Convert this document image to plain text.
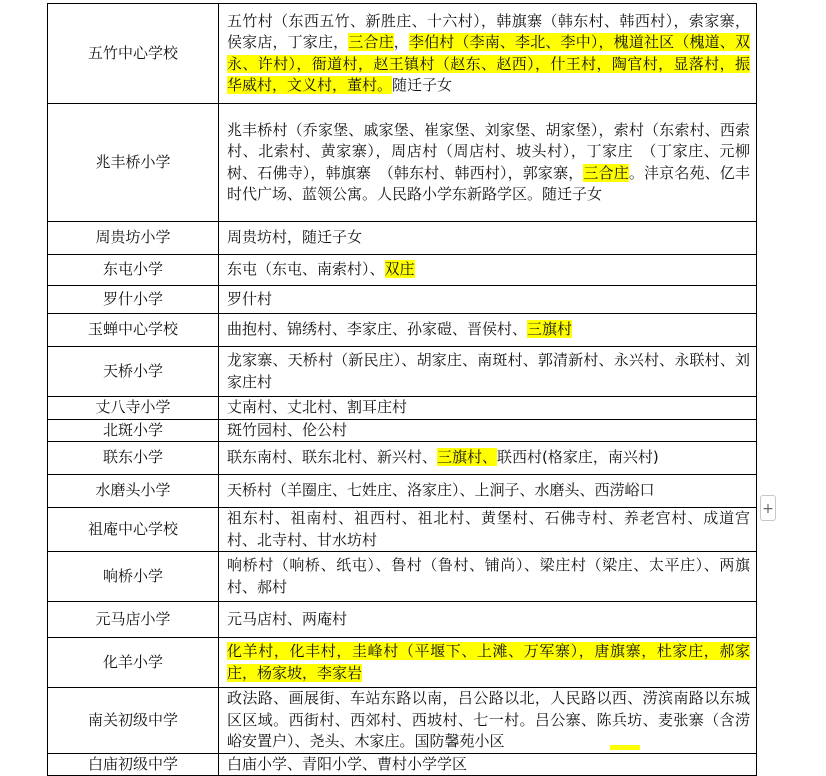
五竹中心学校	五竹村（东西五竹、新胜庄、十六村），韩旗寨（韩东村、韩西村），索家寨，侯家店，丁家庄，三合庄，李伯村（李南、李北、李中），槐道社区（槐道、双永、许村），衙道村，赵王镇村（赵东、赵西），什王村，陶官村，显落村，振华威村，文义村，董村。随迁子女
兆丰桥小学	兆丰桥村（乔家堡、戚家堡、崔家堡、刘家堡、胡家堡），索村（东索村、西索村、北索村、黄家寨），周店村（周店村、坡头村），丁家庄　（丁家庄、元柳树、石佛寺），韩旗寨　（韩东村、韩西村），郭家寨，三合庄。沣京名苑、亿丰时代广场、蓝领公寓。人民路小学东新路学区。随迁子女
周贵坊小学	周贵坊村，随迁子女
东屯小学	东屯（东屯、南索村）、双庄
罗什小学	罗什村
玉蝉中心学校	曲抱村、锦绣村、李家庄、孙家磑、晋侯村、三旗村
天桥小学	龙家寨、天桥村（新民庄）、胡家庄、南斑村、郭清新村、永兴村、永联村、刘家庄村
丈八寺小学	丈南村、丈北村、割耳庄村
北斑小学	斑竹园村、伦公村
联东小学	联东南村、联东北村、新兴村、三旗村、联西村(格家庄，南兴村)
水磨头小学	天桥村（羊圈庄、七姓庄、洛家庄）、上涧子、水磨头、西涝峪口
祖庵中心学校	祖东村、祖南村、祖西村、祖北村、黄堡村、石佛寺村、养老宫村、成道宫村、北寺村、甘水坊村
响桥小学	响桥村（响桥、纸屯）、鲁村（鲁村、铺尚）、梁庄村（梁庄、太平庄）、两旗村、郝村
元马店小学	元马店村、两庵村
化羊小学	化羊村，化丰村，圭峰村（平堰下、上滩、万军寨），唐旗寨，杜家庄，郝家庄，杨家坡，李家岩
南关初级中学	政法路、画展街、车站东路以南，吕公路以北，人民路以西、涝滨南路以东城区区域。西街村、西郊村、西坡村、七一村。吕公寨、陈兵坊、麦张寨（含涝峪安置户）、尧头、木家庄。国防馨苑小区
白庙初级中学	白庙小学、青阳小学、曹村小学学区
+
